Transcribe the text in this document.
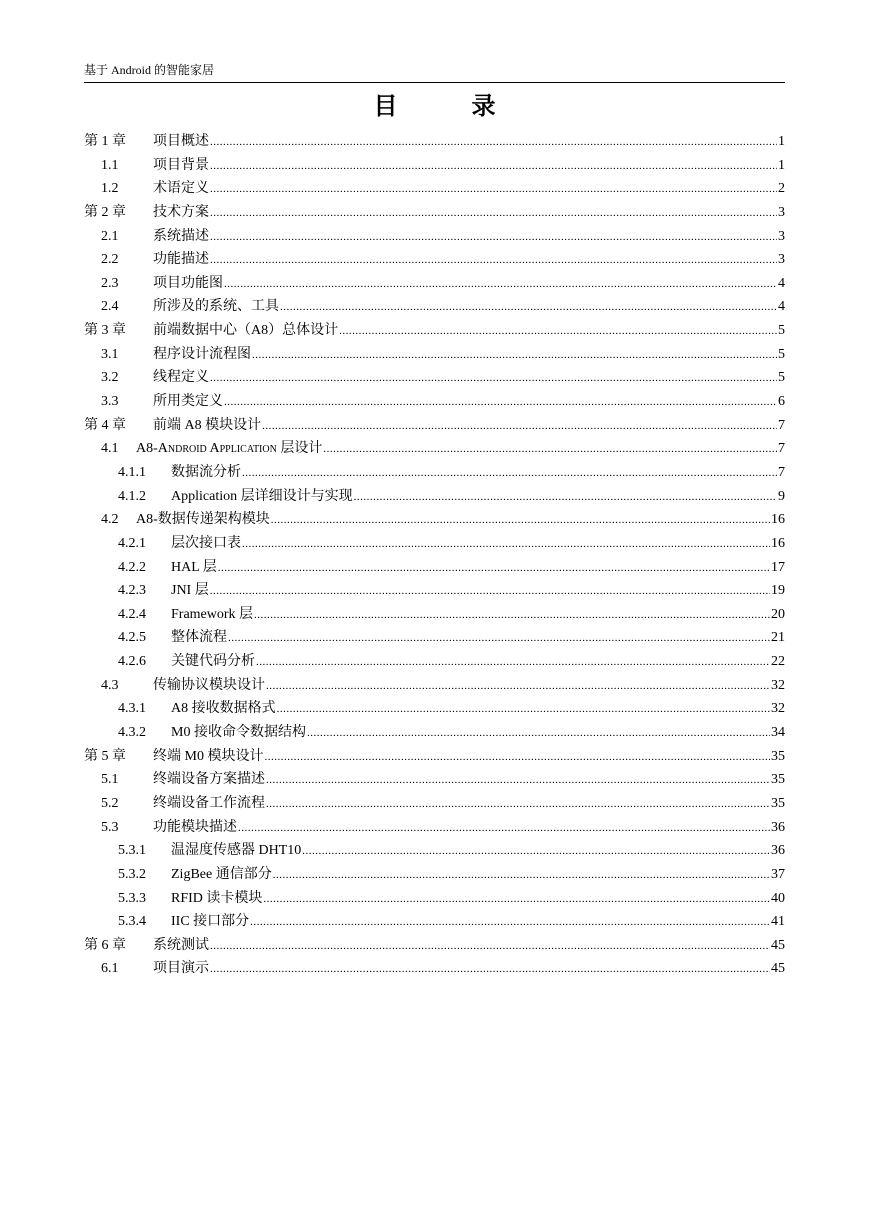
基于 Android 的智能家居
目	录
第 1 章	项目概述 .....	1
1.1	项目背景 .....	1
1.2	术语定义 .....	2
第 2 章	技术方案 .....	3
2.1	系统描述 .....	3
2.2	功能描述 .....	3
2.3	项目功能图 .....	4
2.4	所涉及的系统、工具 .....	4
第 3 章	前端数据中心（A8）总体设计 .....	5
3.1	程序设计流程图 .....	5
3.2	线程定义 .....	5
3.3	所用类定义 .....	6
第 4 章	前端 A8 模块设计 .....	7
4.1	A8-Android Application 层设计 .....	7
4.1.1	数据流分析 .....	7
4.1.2	Application 层详细设计与实现 .....	9
4.2	A8-数据传递架构模块 .....	16
4.2.1	层次接口表 .....	16
4.2.2	HAL 层 .....	17
4.2.3	JNI 层 .....	19
4.2.4	Framework 层 .....	20
4.2.5	整体流程 .....	21
4.2.6	关键代码分析 .....	22
4.3	传输协议模块设计 .....	32
4.3.1	A8 接收数据格式 .....	32
4.3.2	M0 接收命令数据结构 .....	34
第 5 章	终端 M0 模块设计 .....	35
5.1	终端设备方案描述 .....	35
5.2	终端设备工作流程 .....	35
5.3	功能模块描述 .....	36
5.3.1	温湿度传感器 DHT10 .....	36
5.3.2	ZigBee 通信部分 .....	37
5.3.3	RFID 读卡模块 .....	40
5.3.4	IIC 接口部分 .....	41
第 6 章	系统测试 .....	45
6.1	项目演示 .....	45
